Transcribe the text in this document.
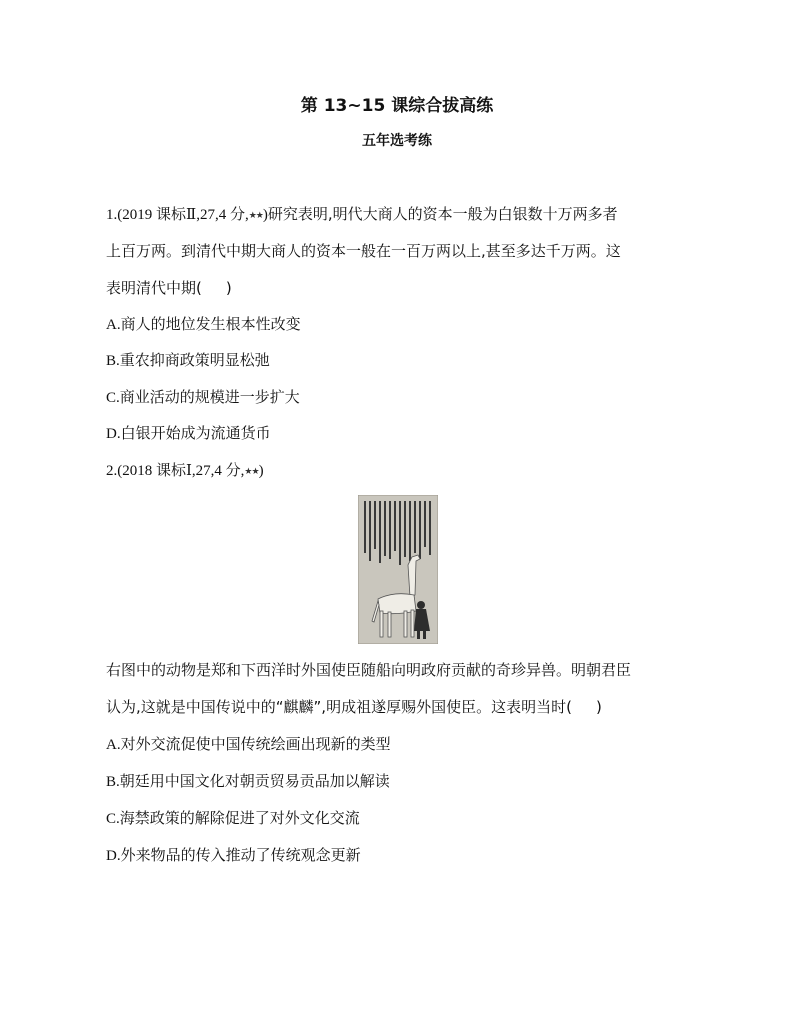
第 13~15 课综合拔高练
五年选考练
1.(2019 课标Ⅱ,27,4 分,★★)研究表明,明代大商人的资本一般为白银数十万两多者
上百万两。到清代中期大商人的资本一般在一百万两以上,甚至多达千万两。这
表明清代中期( )
A.商人的地位发生根本性改变
B.重农抑商政策明显松弛
C.商业活动的规模进一步扩大
D.白银开始成为流通货币
2.(2018 课标Ⅰ,27,4 分,★★)
右图中的动物是郑和下西洋时外国使臣随船向明政府贡献的奇珍异兽。明朝君臣
认为,这就是中国传说中的“麒麟”,明成祖遂厚赐外国使臣。这表明当时( )
A.对外交流促使中国传统绘画出现新的类型
B.朝廷用中国文化对朝贡贸易贡品加以解读
C.海禁政策的解除促进了对外文化交流
D.外来物品的传入推动了传统观念更新
